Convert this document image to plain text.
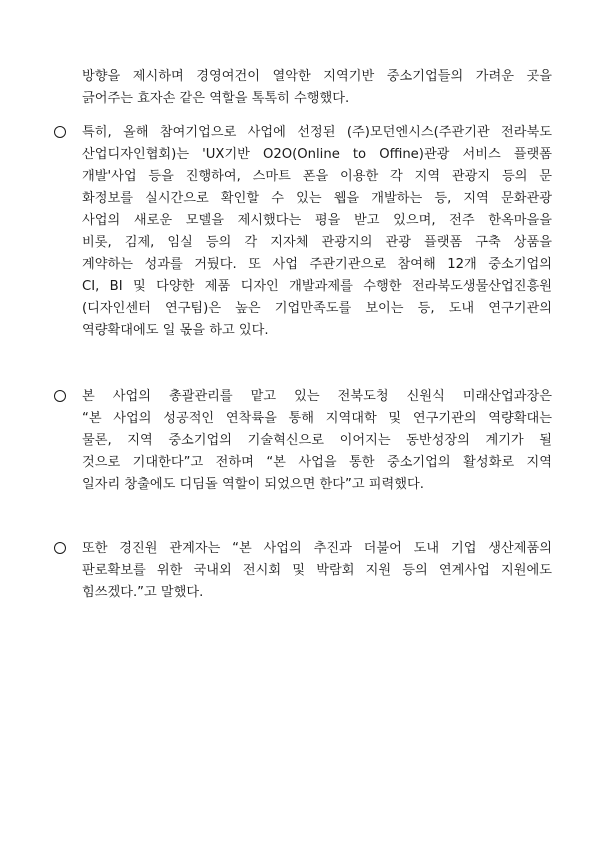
방향을 제시하며 경영여건이 열악한 지역기반 중소기업들의 가려운 곳을
긁어주는 효자손 같은 역할을 톡톡히 수행했다.
특히, 올해 참여기업으로 사업에 선정된 (주)모던엔시스(주관기관 전라북도
산업디자인협회)는 'UX기반 O2O(Online to Offine)관광 서비스 플랫폼
개발'사업 등을 진행하여, 스마트 폰을 이용한 각 지역 관광지 등의 문
화정보를 실시간으로 확인할 수 있는 웹을 개발하는 등, 지역 문화관광
사업의 새로운 모델을 제시했다는 평을 받고 있으며, 전주 한옥마을을
비롯, 김제, 임실 등의 각 지자체 관광지의 관광 플랫폼 구축 상품을
계약하는 성과를 거뒀다. 또 사업 주관기관으로 참여해 12개 중소기업의
CI, BI 및 다양한 제품 디자인 개발과제를 수행한 전라북도생물산업진흥원
(디자인센터 연구팀)은 높은 기업만족도를 보이는 등, 도내 연구기관의
역량확대에도 일 몫을 하고 있다.
본 사업의 총괄관리를 맡고 있는 전북도청 신원식 미래산업과장은
“본 사업의 성공적인 연착륙을 통해 지역대학 및 연구기관의 역량확대는
물론, 지역 중소기업의 기술혁신으로 이어지는 동반성장의 계기가 될
것으로 기대한다”고 전하며 “본 사업을 통한 중소기업의 활성화로 지역
일자리 창출에도 디딤돌 역할이 되었으면 한다”고 피력했다.
또한 경진원 관계자는 “본 사업의 추진과 더불어 도내 기업 생산제품의
판로확보를 위한 국내외 전시회 및 박람회 지원 등의 연계사업 지원에도
힘쓰겠다.”고 말했다.
